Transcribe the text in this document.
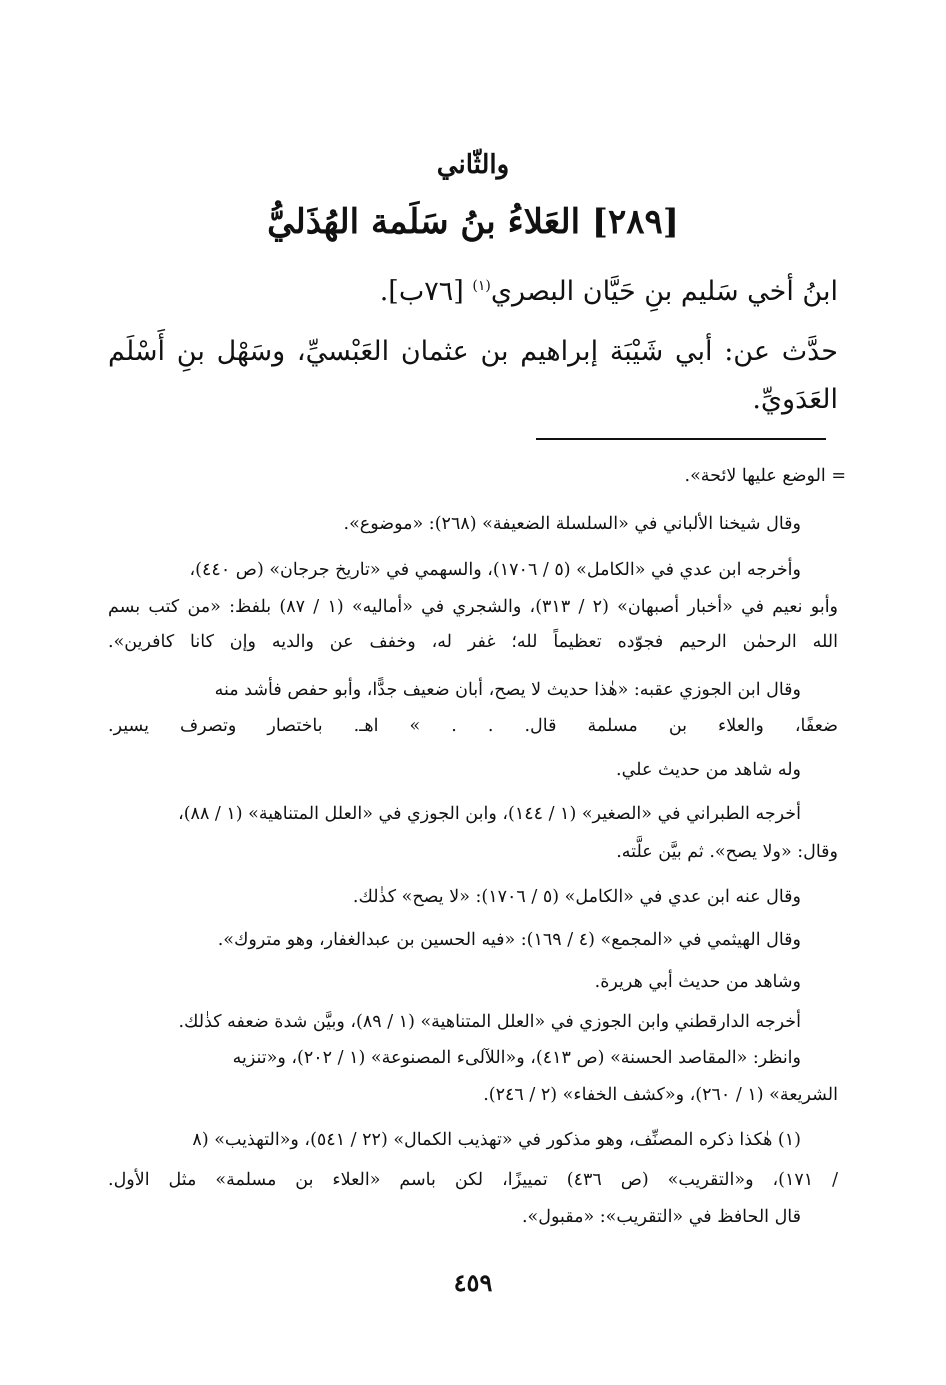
والثّاني
[٢٨٩] العَلاءُ بنُ سَلَمة الهُذَليُّ
ابنُ أخي سَليم بنِ حَيَّان البصري$^{(١)}$ [٧٦ب].
حدَّث عن: أبي شَيْبَة إبراهيم بن عثمان العَبْسيِّ، وسَهْل بنِ أَسْلَم
العَدَويِّ.
= الوضع عليها لائحة».
وقال شيخنا الألباني في «السلسلة الضعيفة» (٢٦٨): «موضوع».
وأخرجه ابن عدي في «الكامل» (٥ / ١٧٠٦)، والسهمي في «تاريخ جرجان» (ص ٤٤٠)،
وأبو نعيم في «أخبار أصبهان» (٢ / ٣١٣)، والشجري في «أماليه» (١ / ٨٧) بلفظ: «من كتب بسم
الله الرحمٰن الرحيم فجوّده تعظيماً لله؛ غفر له، وخفف عن والديه وإن كانا كافرين».
وقال ابن الجوزي عقبه: «هٰذا حديث لا يصح، أبان ضعيف جدًّا، وأبو حفص فأشد منه
ضعفًا، والعلاء بن مسلمة قال. . . » اهـ. باختصار وتصرف يسير.
وله شاهد من حديث علي.
أخرجه الطبراني في «الصغير» (١ / ١٤٤)، وابن الجوزي في «العلل المتناهية» (١ / ٨٨)،
وقال: «ولا يصح». ثم بيَّن علَّته.
وقال عنه ابن عدي في «الكامل» (٥ / ١٧٠٦): «لا يصح» كذٰلك.
وقال الهيثمي في «المجمع» (٤ / ١٦٩): «فيه الحسين بن عبدالغفار، وهو متروك».
وشاهد من حديث أبي هريرة.
أخرجه الدارقطني وابن الجوزي في «العلل المتناهية» (١ / ٨٩)، وبيَّن شدة ضعفه كذٰلك.
وانظر: «المقاصد الحسنة» (ص ٤١٣)، و«اللآلىء المصنوعة» (١ / ٢٠٢)، و«تنزيه
الشريعة» (١ / ٢٦٠)، و«كشف الخفاء» (٢ / ٢٤٦).
(١) هٰكذا ذكره المصنِّف، وهو مذكور في «تهذيب الكمال» (٢٢ / ٥٤١)، و«التهذيب» (٨
/ ١٧١)، و«التقريب» (ص ٤٣٦) تمييزًا، لكن باسم «العلاء بن مسلمة» مثل الأول.
قال الحافظ في «التقريب»: «مقبول».
٤٥٩
